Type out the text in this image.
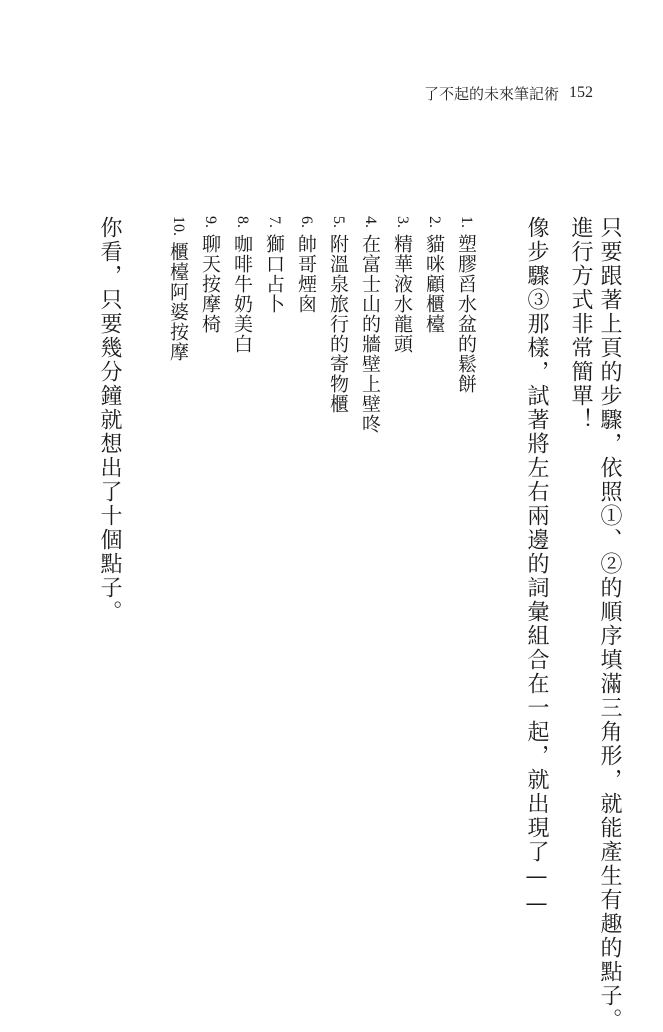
了不起的未來筆記術 152
進行方式非常簡單！ 只要跟著上頁的步驟，依照①、②的順序填滿三角形，就能產生有趣的點子。
像步驟③那樣，試著將左右兩邊的詞彙組合在一起，就出現了——
1.塑膠舀水盆的鬆餅
2.貓咪顧櫃檯
3.精華液水龍頭
4.在富士山的牆壁上壁咚
5.附溫泉旅行的寄物櫃
6.帥哥煙囪
7.獅口占卜
8.咖啡牛奶美白
9.聊天按摩椅
10.櫃檯阿婆按摩
你看，只要幾分鐘就想出了十個點子。
